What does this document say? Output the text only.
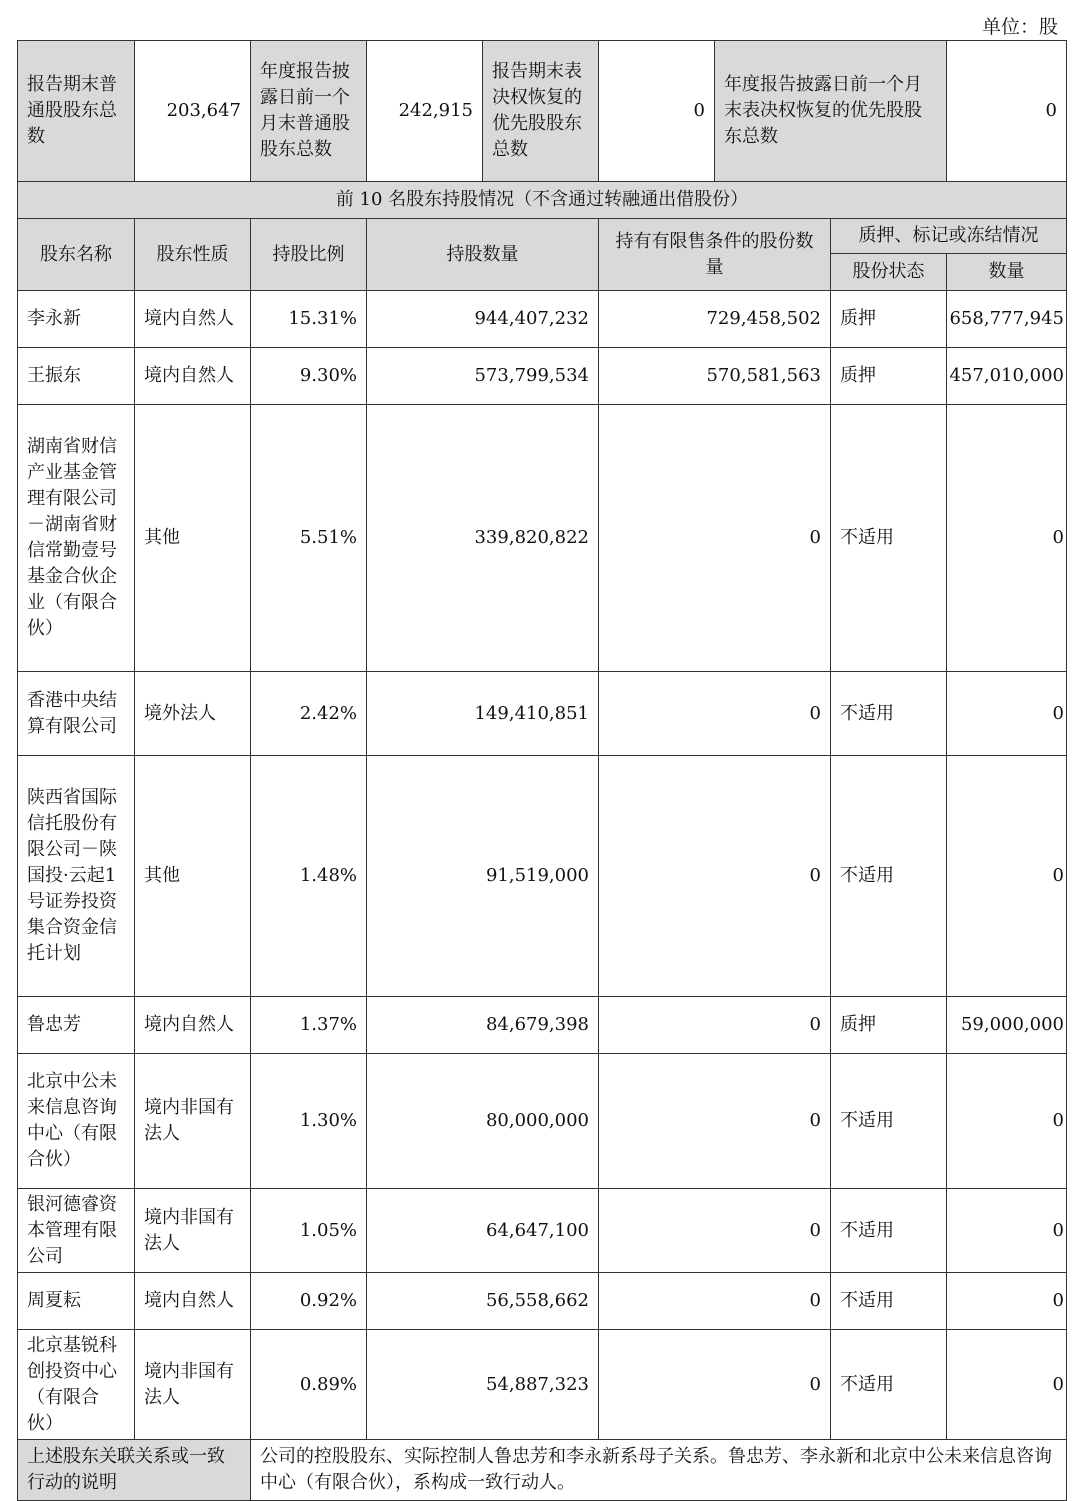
单位：股
报告期末普通股股东总数	203,647	年度报告披露日前一个月末普通股股东总数	242,915	报告期末表决权恢复的优先股股东总数	0	年度报告披露日前一个月末表决权恢复的优先股股东总数		0
前 10 名股东持股情况（不含通过转融通出借股份）								
股东名称	股东性质	持股比例	持股数量		持有有限售条件的股份数量		质押、标记或冻结情况	
							股份状态	数量
李永新	境内自然人	15.31%	944,407,232		729,458,502		质押	658,777,945
王振东	境内自然人	9.30%	573,799,534		570,581,563		质押	457,010,000
湖南省财信产业基金管理有限公司－湖南省财信常勤壹号基金合伙企业（有限合伙）	其他	5.51%	339,820,822		0		不适用	0
香港中央结算有限公司	境外法人	2.42%	149,410,851		0		不适用	0
陕西省国际信托股份有限公司－陕国投·云起1号证券投资集合资金信托计划	其他	1.48%	91,519,000		0		不适用	0
鲁忠芳	境内自然人	1.37%	84,679,398		0		质押	59,000,000
北京中公未来信息咨询中心（有限合伙）	境内非国有法人	1.30%	80,000,000		0		不适用	0
银河德睿资本管理有限公司	境内非国有法人	1.05%	64,647,100		0		不适用	0
周夏耘	境内自然人	0.92%	56,558,662		0		不适用	0
北京基锐科创投资中心（有限合伙）	境内非国有法人	0.89%	54,887,323		0		不适用	0
上述股东关联关系或一致行动的说明		公司的控股股东、实际控制人鲁忠芳和李永新系母子关系。鲁忠芳、李永新和北京中公未来信息咨询中心（有限合伙），系构成一致行动人。						
